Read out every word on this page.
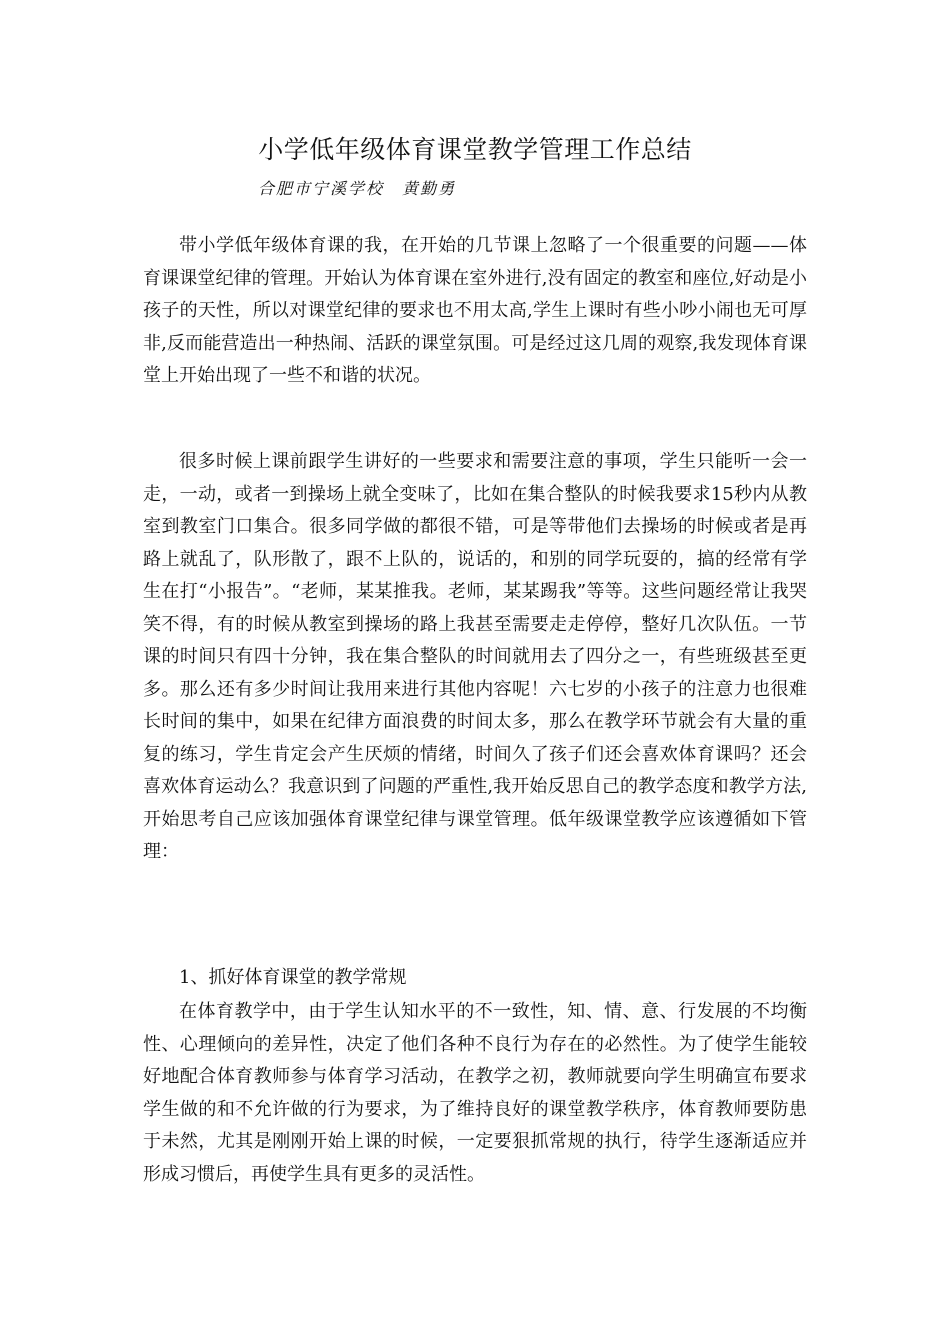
小学低年级体育课堂教学管理工作总结
合肥市宁溪学校　黄勤勇

带小学低年级体育课的我，在开始的几节课上忽略了一个很重要的问题——体育课课堂纪律的管理。开始认为体育课在室外进行,没有固定的教室和座位,好动是小孩子的天性，所以对课堂纪律的要求也不用太高,学生上课时有些小吵小闹也无可厚非,反而能营造出一种热闹、活跃的课堂氛围。可是经过这几周的观察,我发现体育课堂上开始出现了一些不和谐的状况。

很多时候上课前跟学生讲好的一些要求和需要注意的事项，学生只能听一会一走，一动，或者一到操场上就全变味了，比如在集合整队的时候我要求15秒内从教室到教室门口集合。很多同学做的都很不错，可是等带他们去操场的时候或者是再路上就乱了，队形散了，跟不上队的，说话的，和别的同学玩耍的，搞的经常有学生在打“小报告”。“老师，某某推我。老师，某某踢我”等等。这些问题经常让我哭笑不得，有的时候从教室到操场的路上我甚至需要走走停停，整好几次队伍。一节课的时间只有四十分钟，我在集合整队的时间就用去了四分之一，有些班级甚至更多。那么还有多少时间让我用来进行其他内容呢！六七岁的小孩子的注意力也很难长时间的集中，如果在纪律方面浪费的时间太多，那么在教学环节就会有大量的重复的练习，学生肯定会产生厌烦的情绪，时间久了孩子们还会喜欢体育课吗？还会喜欢体育运动么？我意识到了问题的严重性,我开始反思自己的教学态度和教学方法,开始思考自己应该加强体育课堂纪律与课堂管理。低年级课堂教学应该遵循如下管理：

1、抓好体育课堂的教学常规

在体育教学中，由于学生认知水平的不一致性，知、情、意、行发展的不均衡性、心理倾向的差异性，决定了他们各种不良行为存在的必然性。为了使学生能较好地配合体育教师参与体育学习活动，在教学之初，教师就要向学生明确宣布要求学生做的和不允许做的行为要求，为了维持良好的课堂教学秩序，体育教师要防患于未然，尤其是刚刚开始上课的时候，一定要狠抓常规的执行，待学生逐渐适应并形成习惯后，再使学生具有更多的灵活性。
